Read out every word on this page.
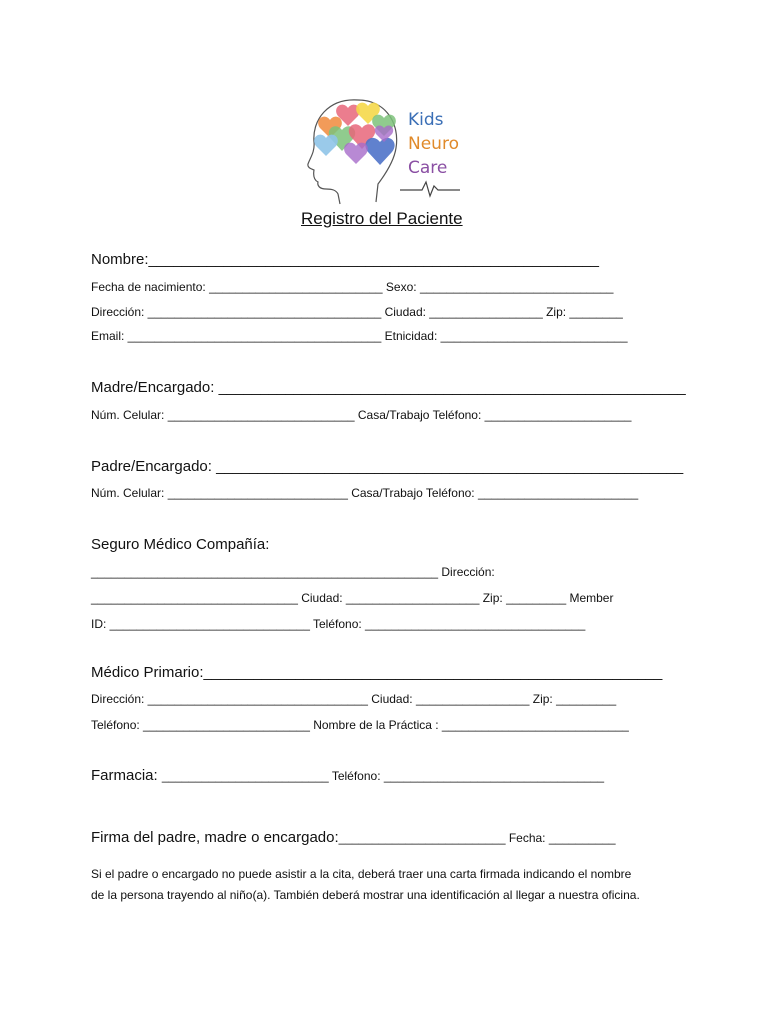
Kids
Neuro
Care
Registro del Paciente
Nombre:______________________________________________________
Fecha de nacimiento: __________________________ Sexo: _____________________________
Dirección: ___________________________________ Ciudad: _________________ Zip: ________
Email: ______________________________________ Etnicidad: ____________________________
Madre/Encargado: ________________________________________________________
Núm. Celular: ____________________________ Casa/Trabajo Teléfono: ______________________
Padre/Encargado: ________________________________________________________
Núm. Celular: ___________________________ Casa/Trabajo Teléfono: ________________________
Seguro Médico Compañía:
____________________________________________________ Dirección:
_______________________________ Ciudad: ____________________ Zip: _________ Member
ID: ______________________________ Teléfono: _________________________________
Médico Primario:_______________________________________________________
Dirección: _________________________________ Ciudad: _________________ Zip: _________
Teléfono: _________________________ Nombre de la Práctica : ____________________________
Farmacia: _________________________ Teléfono: _________________________________
Firma del padre, madre o encargado:_________________________ Fecha: __________
Si el padre o encargado no puede asistir a la cita, deberá traer una carta firmada indicando el nombre
de la persona trayendo al niño(a). También deberá mostrar una identificación al llegar a nuestra oficina.
